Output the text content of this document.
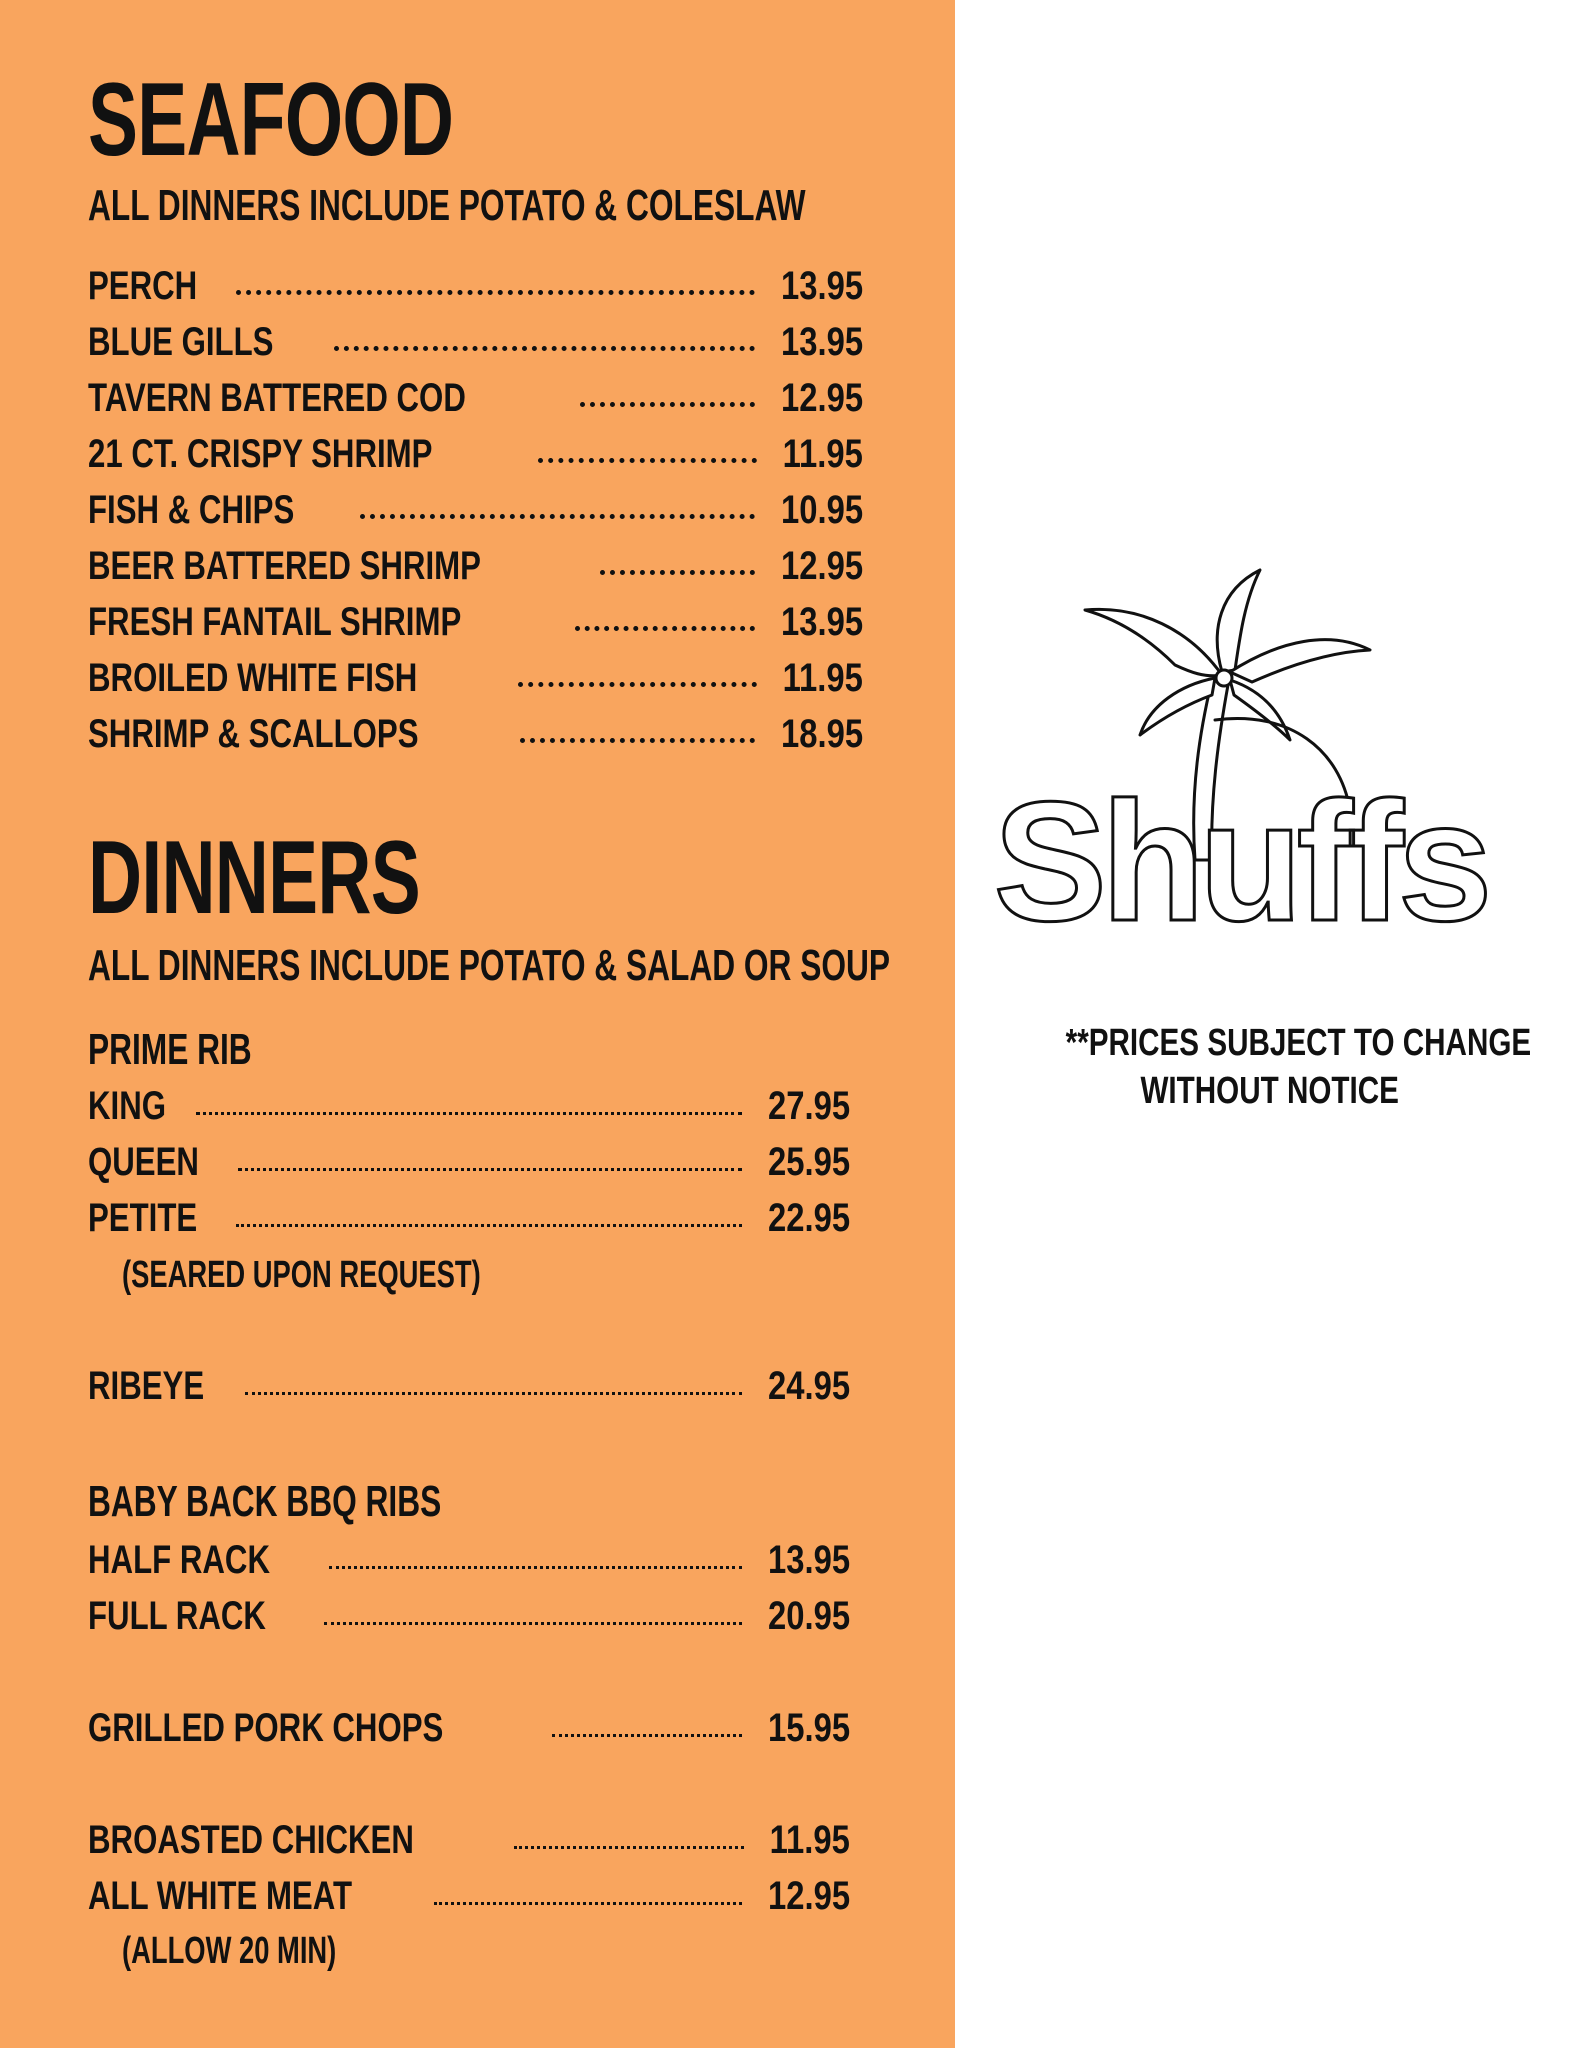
SEAFOOD
ALL DINNERS INCLUDE POTATO & COLESLAW
PERCH	13.95
BLUE GILLS	13.95
TAVERN BATTERED COD	12.95
21 CT. CRISPY SHRIMP	11.95
FISH & CHIPS	10.95
BEER BATTERED SHRIMP	12.95
FRESH FANTAIL SHRIMP	13.95
BROILED WHITE FISH	11.95
SHRIMP & SCALLOPS	18.95
DINNERS
ALL DINNERS INCLUDE POTATO & SALAD OR SOUP
PRIME RIB
KING	27.95
QUEEN	25.95
PETITE	22.95
(SEARED UPON REQUEST)
RIBEYE	24.95
BABY BACK BBQ RIBS
HALF RACK	13.95
FULL RACK	20.95
GRILLED PORK CHOPS	15.95
BROASTED CHICKEN	11.95
ALL WHITE MEAT	12.95
(ALLOW 20 MIN)
Shuffs
**PRICES SUBJECT TO CHANGE
WITHOUT NOTICE
